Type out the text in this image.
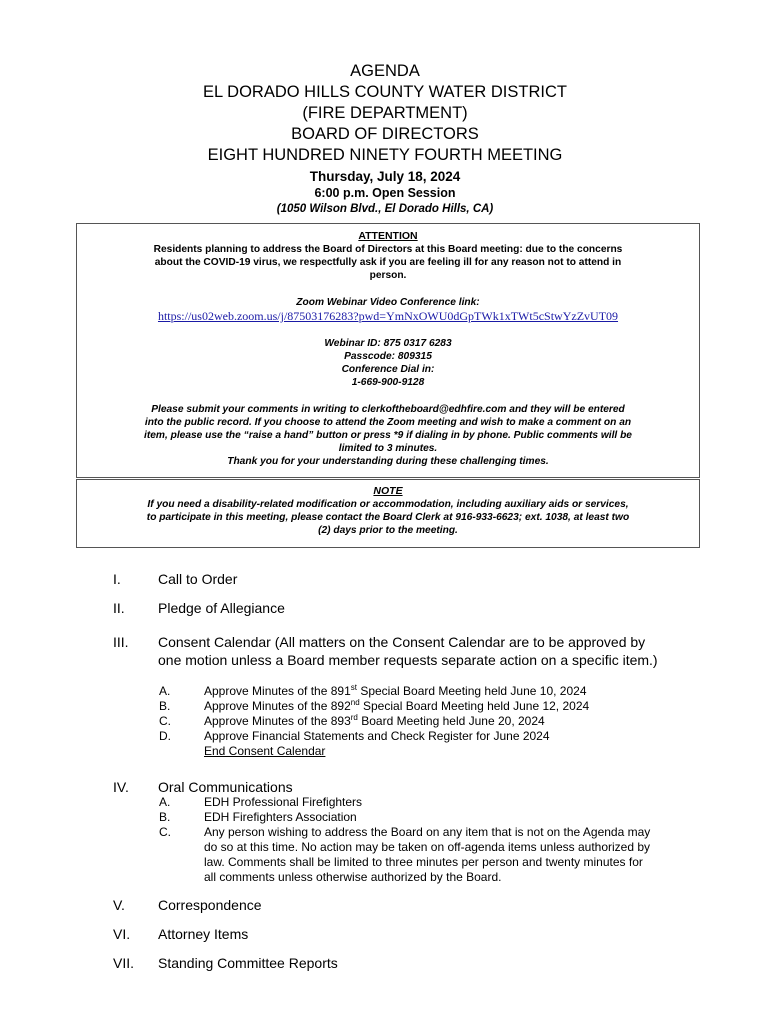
AGENDA
EL DORADO HILLS COUNTY WATER DISTRICT
(FIRE DEPARTMENT)
BOARD OF DIRECTORS
EIGHT HUNDRED NINETY FOURTH MEETING
Thursday, July 18, 2024
6:00 p.m. Open Session
(1050 Wilson Blvd., El Dorado Hills, CA)
ATTENTION
Residents planning to address the Board of Directors at this Board meeting: due to the concerns
about the COVID-19 virus, we respectfully ask if you are feeling ill for any reason not to attend in
person.
Zoom Webinar Video Conference link:
https://us02web.zoom.us/j/87503176283?pwd=YmNxOWU0dGpTWk1xTWt5cStwYzZvUT09
Webinar ID: 875 0317 6283
Passcode: 809315
Conference Dial in:
1-669-900-9128
Please submit your comments in writing to clerkoftheboard@edhfire.com and they will be entered
into the public record. If you choose to attend the Zoom meeting and wish to make a comment on an
item, please use the “raise a hand” button or press *9 if dialing in by phone. Public comments will be
limited to 3 minutes.
Thank you for your understanding during these challenging times.
NOTE
If you need a disability-related modification or accommodation, including auxiliary aids or services,
to participate in this meeting, please contact the Board Clerk at 916-933-6623; ext. 1038, at least two
(2) days prior to the meeting.
I.	Call to Order
II. Pledge of Allegiance
III. Consent Calendar (All matters on the Consent Calendar are to be approved by one motion unless a Board member requests separate action on a specific item.)
A.	Approve Minutes of the 891st Special Board Meeting held June 10, 2024
B.	Approve Minutes of the 892nd Special Board Meeting held June 12, 2024
C.	Approve Minutes of the 893rd Board Meeting held June 20, 2024
D.	Approve Financial Statements and Check Register for June 2024
End Consent Calendar
IV. Oral Communications
A.	EDH Professional Firefighters
B.	EDH Firefighters Association
C.	Any person wishing to address the Board on any item that is not on the Agenda may do so at this time. No action may be taken on off-agenda items unless authorized by law. Comments shall be limited to three minutes per person and twenty minutes for all comments unless otherwise authorized by the Board.
V. Correspondence
VI. Attorney Items
VII. Standing Committee Reports
